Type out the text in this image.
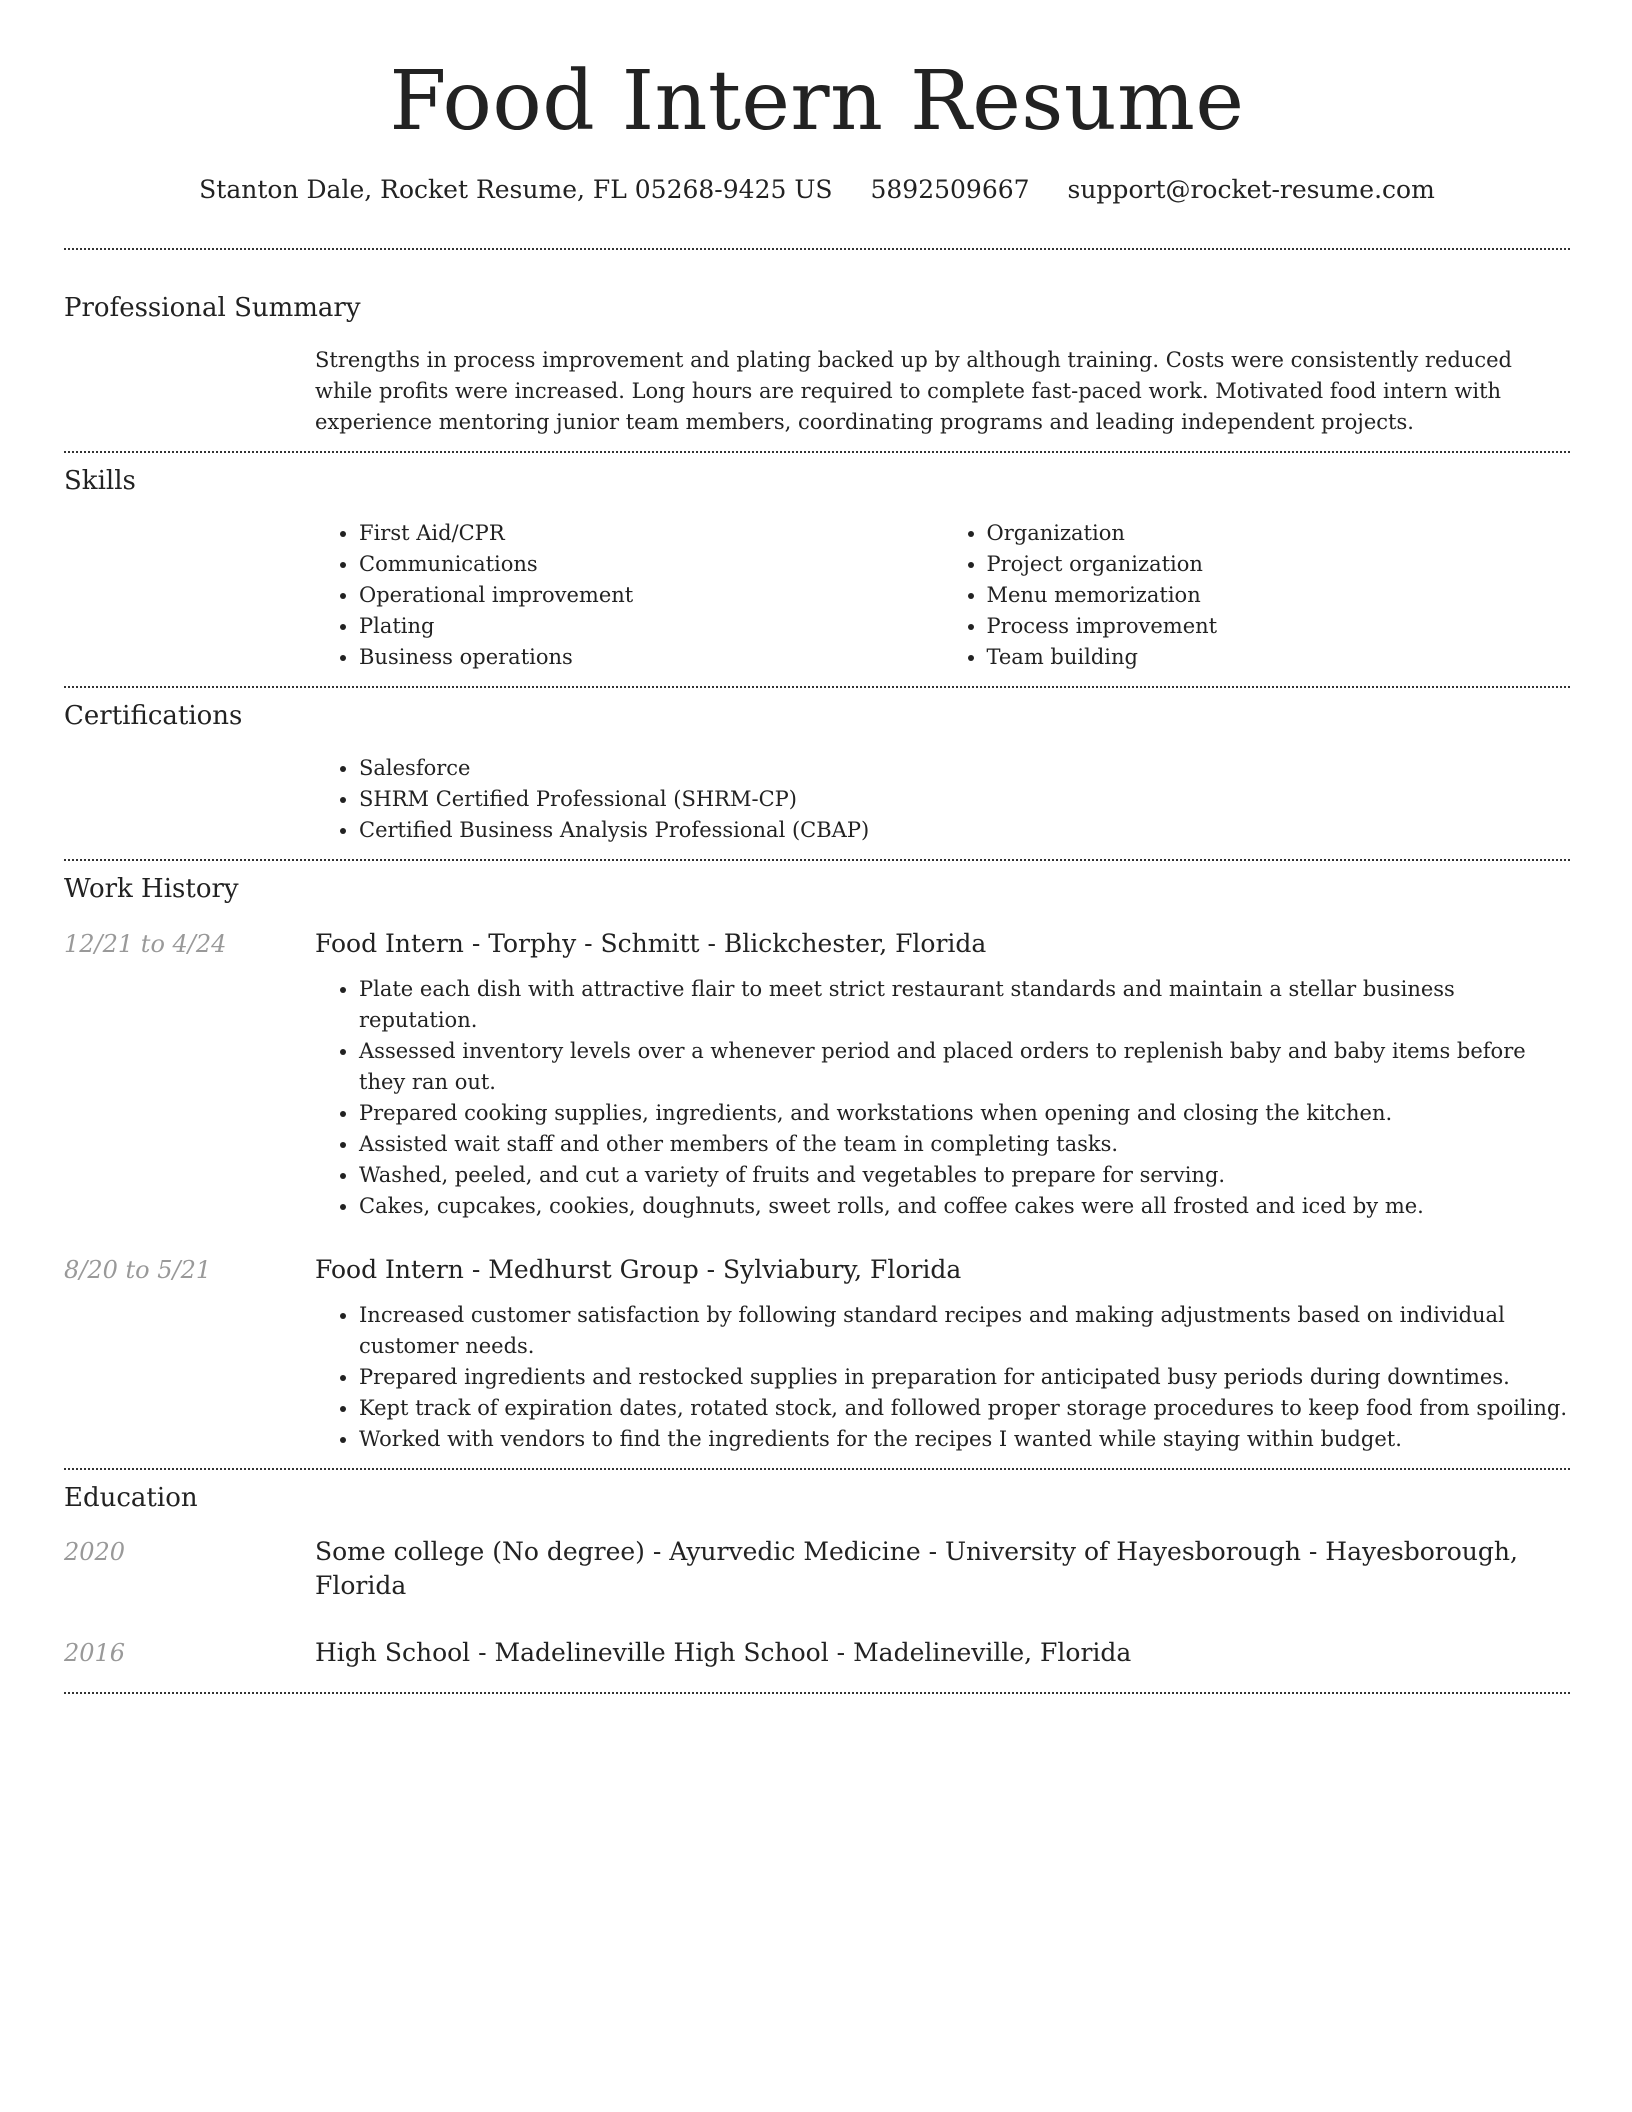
Food Intern Resume
Stanton Dale, Rocket Resume, FL 05268-9425 US 5892509667 support@rocket-resume.com
Professional Summary

Strengths in process improvement and plating backed up by although training. Costs were consistently reduced while profits were increased. Long hours are required to complete fast-paced work. Motivated food intern with experience mentoring junior team members, coordinating programs and leading independent projects.

Skills
• First Aid/CPR
• Communications
• Operational improvement
• Plating
• Business operations
• Organization
• Project organization
• Menu memorization
• Process improvement
• Team building
Certifications
• Salesforce
• SHRM Certified Professional (SHRM-CP)
• Certified Business Analysis Professional (CBAP)
Work History
12/21 to 4/24	Food Intern - Torphy - Schmitt - Blickchester, Florida
• Plate each dish with attractive flair to meet strict restaurant standards and maintain a stellar business reputation.
• Assessed inventory levels over a whenever period and placed orders to replenish baby and baby items before they ran out.
• Prepared cooking supplies, ingredients, and workstations when opening and closing the kitchen.
• Assisted wait staff and other members of the team in completing tasks.
• Washed, peeled, and cut a variety of fruits and vegetables to prepare for serving.
• Cakes, cupcakes, cookies, doughnuts, sweet rolls, and coffee cakes were all frosted and iced by me.
8/20 to 5/21	Food Intern - Medhurst Group - Sylviabury, Florida
• Increased customer satisfaction by following standard recipes and making adjustments based on individual customer needs.
• Prepared ingredients and restocked supplies in preparation for anticipated busy periods during downtimes.
• Kept track of expiration dates, rotated stock, and followed proper storage procedures to keep food from spoiling.
• Worked with vendors to find the ingredients for the recipes I wanted while staying within budget.
Education
2020	Some college (No degree) - Ayurvedic Medicine - University of Hayesborough - Hayesborough, Florida
2016	High School - Madelineville High School - Madelineville, Florida
